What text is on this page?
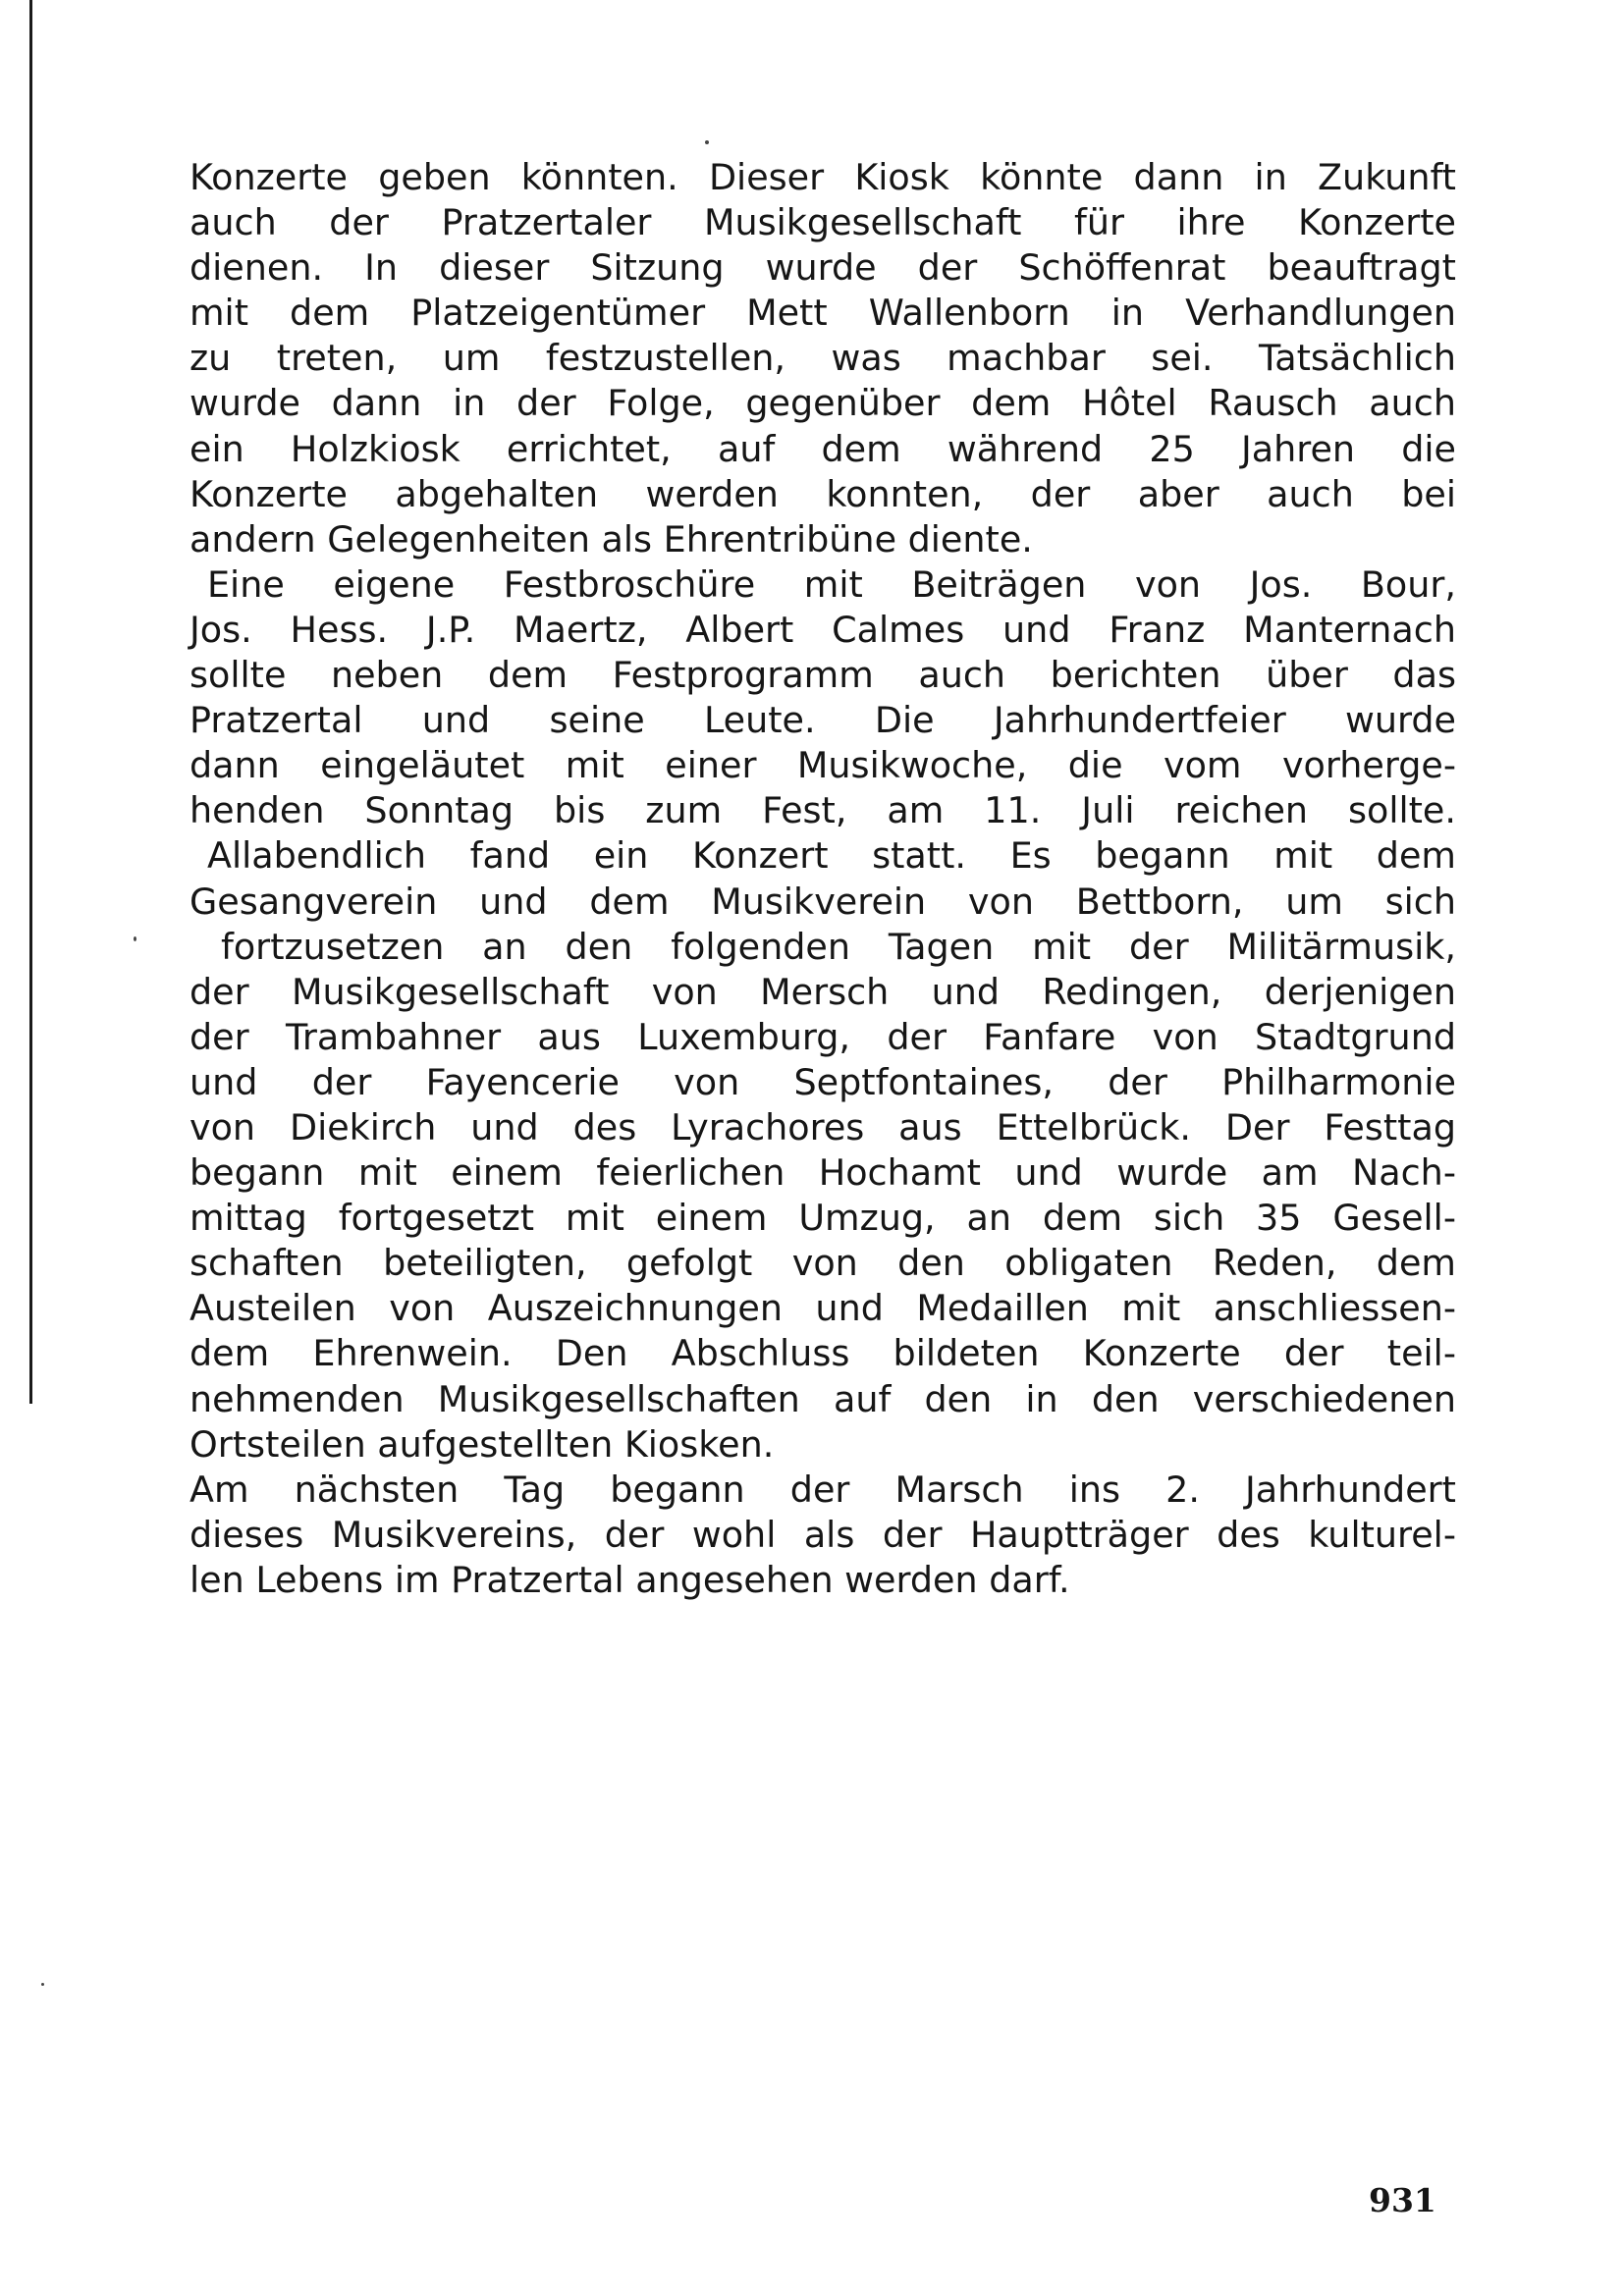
Konzerte geben könnten. Dieser Kiosk könnte dann in Zukunft
auch der Pratzertaler Musikgesellschaft für ihre Konzerte
dienen. In dieser Sitzung wurde der Schöffenrat beauftragt
mit dem Platzeigentümer Mett Wallenborn in Verhandlungen
zu treten, um festzustellen, was machbar sei. Tatsächlich
wurde dann in der Folge, gegenüber dem Hôtel Rausch auch
ein Holzkiosk errichtet, auf dem während 25 Jahren die
Konzerte abgehalten werden konnten, der aber auch bei
andern Gelegenheiten als Ehrentribüne diente.
Eine eigene Festbroschüre mit Beiträgen von Jos. Bour,
Jos. Hess. J.P. Maertz, Albert Calmes und Franz Manternach
sollte neben dem Festprogramm auch berichten über das
Pratzertal und seine Leute. Die Jahrhundertfeier wurde
dann eingeläutet mit einer Musikwoche, die vom vorherge-
henden Sonntag bis zum Fest, am 11. Juli reichen sollte.
Allabendlich fand ein Konzert statt. Es begann mit dem
Gesangverein und dem Musikverein von Bettborn, um sich
fortzusetzen an den folgenden Tagen mit der Militärmusik,
der Musikgesellschaft von Mersch und Redingen, derjenigen
der Trambahner aus Luxemburg, der Fanfare von Stadtgrund
und der Fayencerie von Septfontaines, der Philharmonie
von Diekirch und des Lyrachores aus Ettelbrück. Der Festtag
begann mit einem feierlichen Hochamt und wurde am Nach-
mittag fortgesetzt mit einem Umzug, an dem sich 35 Gesell-
schaften beteiligten, gefolgt von den obligaten Reden, dem
Austeilen von Auszeichnungen und Medaillen mit anschliessen-
dem Ehrenwein. Den Abschluss bildeten Konzerte der teil-
nehmenden Musikgesellschaften auf den in den verschiedenen
Ortsteilen aufgestellten Kiosken.
Am nächsten Tag begann der Marsch ins 2. Jahrhundert
dieses Musikvereins, der wohl als der Hauptträger des kulturel-
len Lebens im Pratzertal angesehen werden darf.
931
